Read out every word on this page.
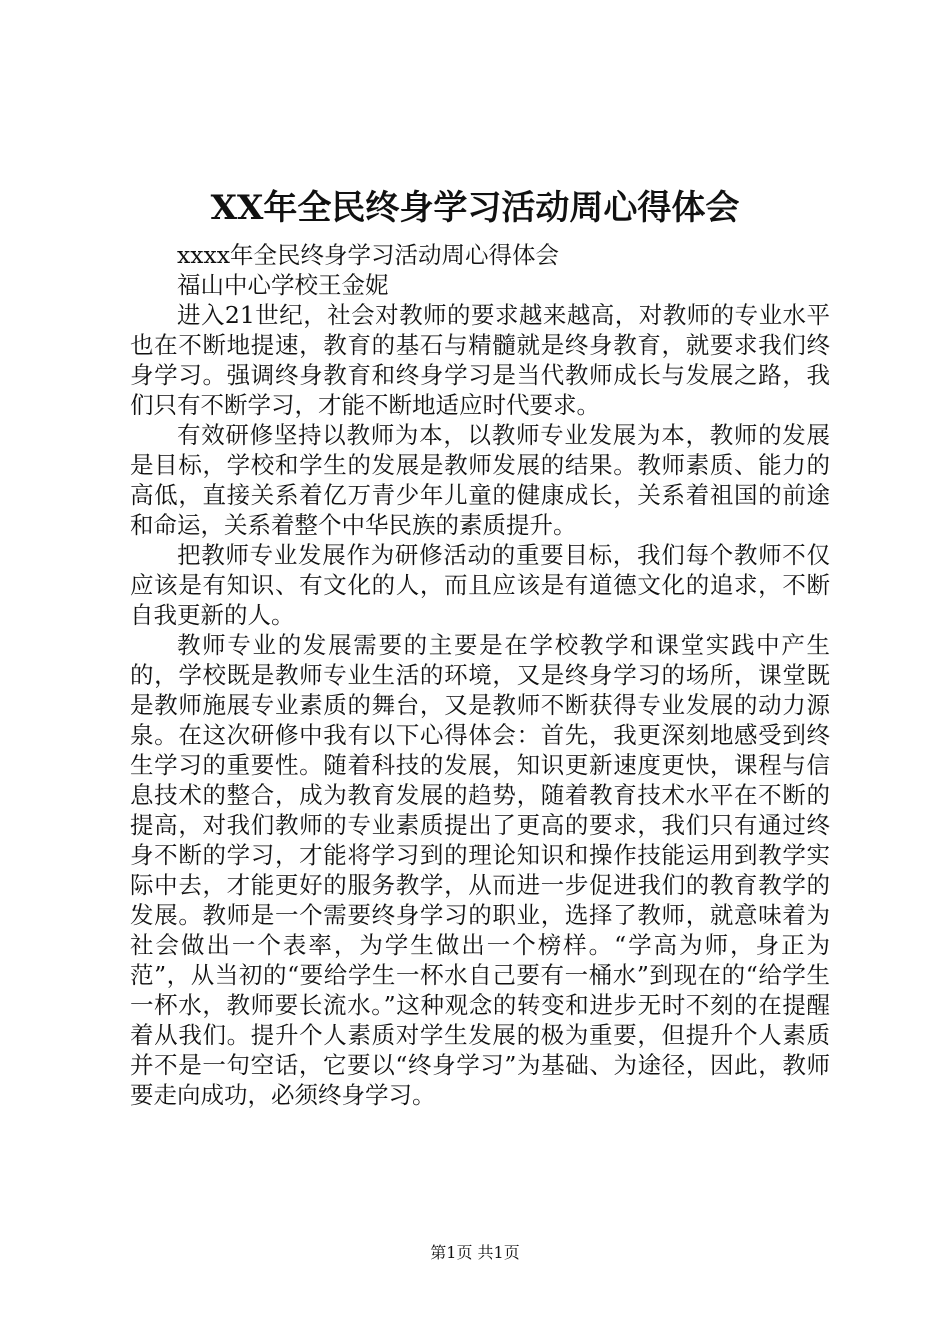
XX年全民终身学习活动周心得体会

xxxx年全民终身学习活动周心得体会

福山中心学校王金妮

进入21世纪，社会对教师的要求越来越高，对教师的专业水平也在不断地提速，教育的基石与精髓就是终身教育，就要求我们终身学习。强调终身教育和终身学习是当代教师成长与发展之路，我们只有不断学习，才能不断地适应时代要求。

有效研修坚持以教师为本，以教师专业发展为本，教师的发展是目标，学校和学生的发展是教师发展的结果。教师素质、能力的高低，直接关系着亿万青少年儿童的健康成长，关系着祖国的前途和命运，关系着整个中华民族的素质提升。

把教师专业发展作为研修活动的重要目标，我们每个教师不仅应该是有知识、有文化的人，而且应该是有道德文化的追求，不断自我更新的人。

教师专业的发展需要的主要是在学校教学和课堂实践中产生的，学校既是教师专业生活的环境，又是终身学习的场所，课堂既是教师施展专业素质的舞台，又是教师不断获得专业发展的动力源泉。在这次研修中我有以下心得体会：首先，我更深刻地感受到终生学习的重要性。随着科技的发展，知识更新速度更快，课程与信息技术的整合，成为教育发展的趋势，随着教育技术水平在不断的提高，对我们教师的专业素质提出了更高的要求，我们只有通过终身不断的学习，才能将学习到的理论知识和操作技能运用到教学实际中去，才能更好的服务教学，从而进一步促进我们的教育教学的发展。教师是一个需要终身学习的职业，选择了教师，就意味着为社会做出一个表率，为学生做出一个榜样。“学高为师，身正为范”，从当初的“要给学生一杯水自己要有一桶水”到现在的“给学生一杯水，教师要长流水。”这种观念的转变和进步无时不刻的在提醒着从我们。提升个人素质对学生发展的极为重要，但提升个人素质并不是一句空话，它要以“终身学习”为基础、为途径，因此，教师要走向成功，必须终身学习。

第1页 共1页
